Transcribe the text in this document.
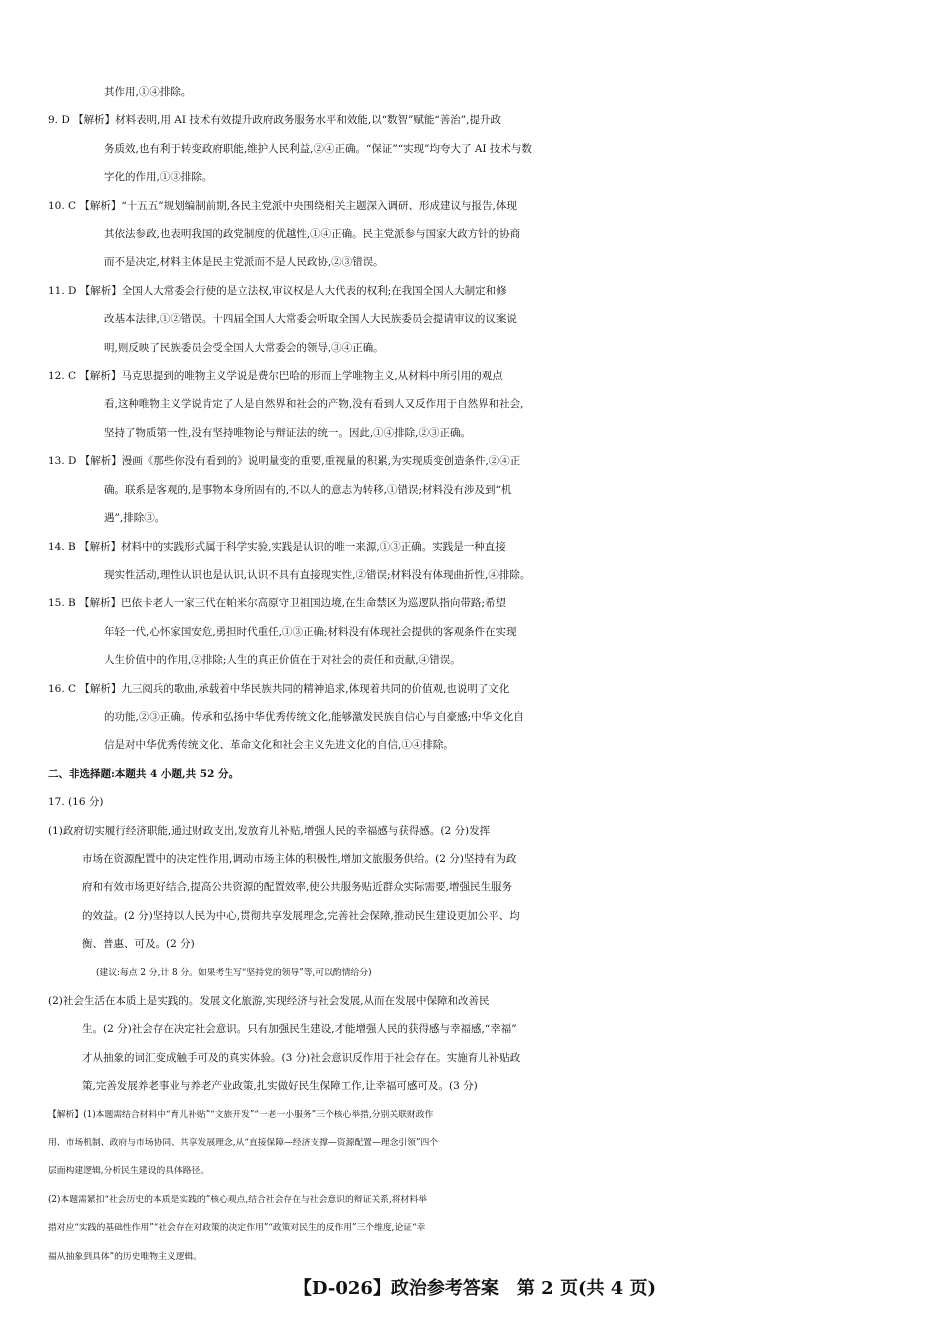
其作用,①④排除。
9. D 【解析】材料表明,用 AI 技术有效提升政府政务服务水平和效能,以“数智”赋能“善治”,提升政
务质效,也有利于转变政府职能,维护人民利益,②④正确。“保证”“实现”均夸大了 AI 技术与数
字化的作用,①③排除。
10. C 【解析】“十五五”规划编制前期,各民主党派中央围绕相关主题深入调研、形成建议与报告,体现
其依法参政,也表明我国的政党制度的优越性,①④正确。民主党派参与国家大政方针的协商
而不是决定,材料主体是民主党派而不是人民政协,②③错误。
11. D 【解析】全国人大常委会行使的是立法权,审议权是人大代表的权利;在我国全国人大制定和修
改基本法律,①②错误。十四届全国人大常委会听取全国人大民族委员会提请审议的议案说
明,则反映了民族委员会受全国人大常委会的领导,③④正确。
12. C 【解析】马克思提到的唯物主义学说是费尔巴哈的形而上学唯物主义,从材料中所引用的观点
看,这种唯物主义学说肯定了人是自然界和社会的产物,没有看到人又反作用于自然界和社会,
坚持了物质第一性,没有坚持唯物论与辩证法的统一。因此,①④排除,②③正确。
13. D 【解析】漫画《那些你没有看到的》说明量变的重要,重视量的积累,为实现质变创造条件,②④正
确。联系是客观的,是事物本身所固有的,不以人的意志为转移,①错误;材料没有涉及到“机
遇”,排除③。
14. B 【解析】材料中的实践形式属于科学实验,实践是认识的唯一来源,①③正确。实践是一种直接
现实性活动,理性认识也是认识,认识不具有直接现实性,②错误;材料没有体现曲折性,④排除。
15. B 【解析】巴依卡老人一家三代在帕米尔高原守卫祖国边境,在生命禁区为巡逻队指向带路;希望
年轻一代,心怀家国安危,勇担时代重任,①③正确;材料没有体现社会提供的客观条件在实现
人生价值中的作用,②排除;人生的真正价值在于对社会的责任和贡献,④错误。
16. C 【解析】九三阅兵的歌曲,承载着中华民族共同的精神追求,体现着共同的价值观,也说明了文化
的功能,②③正确。传承和弘扬中华优秀传统文化,能够激发民族自信心与自豪感;中华文化自
信是对中华优秀传统文化、革命文化和社会主义先进文化的自信,①④排除。
二、非选择题:本题共 4 小题,共 52 分。
17. (16 分)
(1)政府切实履行经济职能,通过财政支出,发放育儿补贴,增强人民的幸福感与获得感。(2 分)发挥
市场在资源配置中的决定性作用,调动市场主体的积极性,增加文旅服务供给。(2 分)坚持有为政
府和有效市场更好结合,提高公共资源的配置效率,使公共服务贴近群众实际需要,增强民生服务
的效益。(2 分)坚持以人民为中心,贯彻共享发展理念,完善社会保障,推动民生建设更加公平、均
衡、普惠、可及。(2 分)
(建议:每点 2 分,计 8 分。如果考生写“坚持党的领导”等,可以酌情给分)
(2)社会生活在本质上是实践的。发展文化旅游,实现经济与社会发展,从而在发展中保障和改善民
生。(2 分)社会存在决定社会意识。只有加强民生建设,才能增强人民的获得感与幸福感,“幸福”
才从抽象的词汇变成触手可及的真实体验。(3 分)社会意识反作用于社会存在。实施育儿补贴政
策,完善发展养老事业与养老产业政策,扎实做好民生保障工作,让幸福可感可及。(3 分)
【解析】(1)本题需结合材料中“育儿补贴”“文旅开发”“一老一小服务”三个核心举措,分别关联财政作
用、市场机制、政府与市场协同、共享发展理念,从“直接保障—经济支撑—资源配置—理念引领”四个
层面构建逻辑,分析民生建设的具体路径。
(2)本题需紧扣“社会历史的本质是实践的”核心观点,结合社会存在与社会意识的辩证关系,将材料举
措对应“实践的基础性作用”“社会存在对政策的决定作用”“政策对民生的反作用”三个维度,论证“幸
福从抽象到具体”的历史唯物主义逻辑。
【D-026】政治参考答案　第 2 页(共 4 页)
